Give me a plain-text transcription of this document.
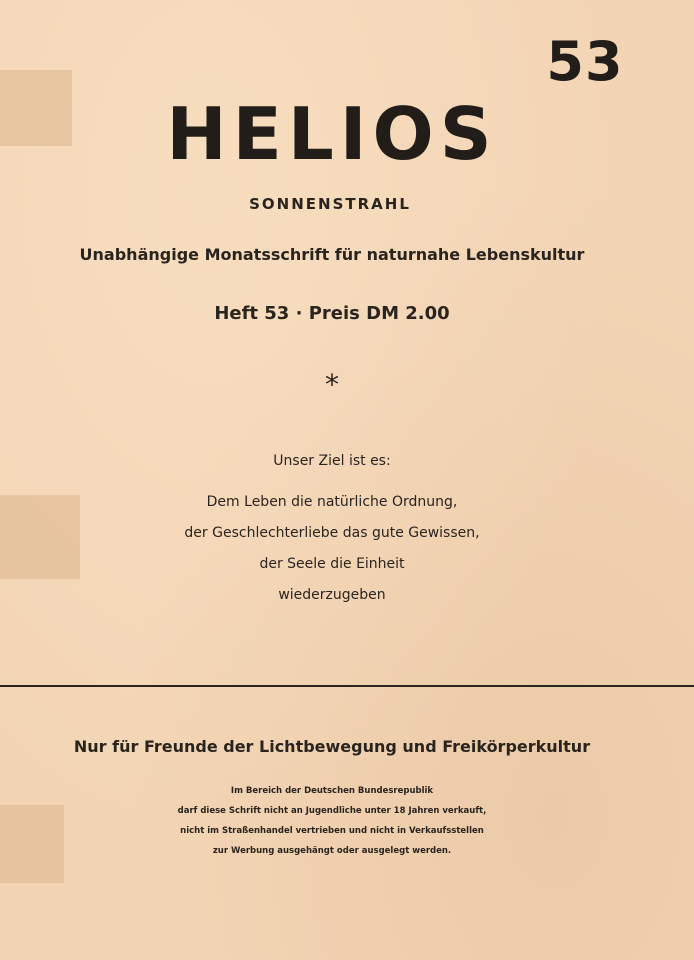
53
HELIOS
SONNENSTRAHL
Unabhängige Monatsschrift für naturnahe Lebenskultur
Heft 53 · Preis DM 2.00
*
Unser Ziel ist es:
Dem Leben die natürliche Ordnung,
der Geschlechterliebe das gute Gewissen,
der Seele die Einheit
wiederzugeben
Nur für Freunde der Lichtbewegung und Freikörperkultur
Im Bereich der Deutschen Bundesrepublik
darf diese Schrift nicht an Jugendliche unter 18 Jahren verkauft,
nicht im Straßenhandel vertrieben und nicht in Verkaufsstellen
zur Werbung ausgehängt oder ausgelegt werden.
